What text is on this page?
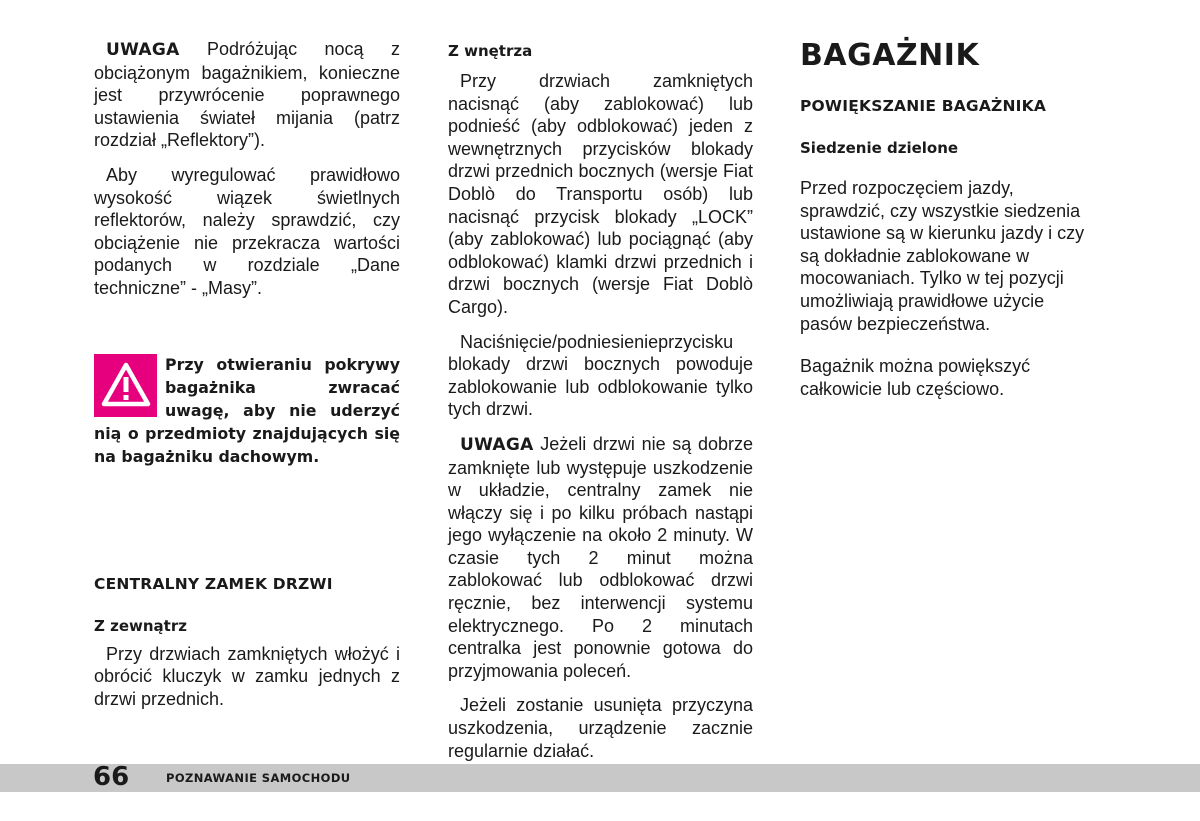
UWAGA Podróżując nocą z obciążonym bagażnikiem, konieczne jest przywrócenie poprawnego ustawienia świateł mijania (patrz rozdział „Reflektory”).

Aby wyregulować prawidłowo wysokość wiązek świetlnych reflektorów, należy sprawdzić, czy obciążenie nie przekracza wartości podanych w rozdziale „Dane techniczne” - „Masy”.

Przy otwieraniu pokrywy bagażnika zwracać uwagę, aby nie uderzyć nią o przedmioty znajdujących się na bagażniku dachowym.

CENTRALNY ZAMEK DRZWI

Z zewnątrz

Przy drzwiach zamkniętych włożyć i obrócić kluczyk w zamku jednych z drzwi przednich.

Z wnętrza

Przy drzwiach zamkniętych nacisnąć (aby zablokować) lub podnieść (aby odblokować) jeden z wewnętrznych przycisków blokady drzwi przednich bocznych (wersje Fiat Doblò do Transportu osób) lub nacisnąć przycisk blokady „LOCK” (aby zablokować) lub pociągnąć (aby odblokować) klamki drzwi przednich i drzwi bocznych (wersje Fiat Doblò Cargo).

Naciśnięcie/podniesienieprzycisku blokady drzwi bocznych powoduje zablokowanie lub odblokowanie tylko tych drzwi.

UWAGA Jeżeli drzwi nie są dobrze zamknięte lub występuje uszkodzenie w układzie, centralny zamek nie włączy się i po kilku próbach nastąpi jego wyłączenie na około 2 minuty. W czasie tych 2 minut można zablokować lub odblokować drzwi ręcznie, bez interwencji systemu elektrycznego. Po 2 minutach centralka jest ponownie gotowa do przyjmowania poleceń.

Jeżeli zostanie usunięta przyczyna uszkodzenia, urządzenie zacznie regularnie działać.

BAGAŻNIK

POWIĘKSZANIE BAGAŻNIKA

Siedzenie dzielone

Przed rozpoczęciem jazdy, sprawdzić, czy wszystkie siedzenia ustawione są w kierunku jazdy i czy są dokładnie zablokowane w mocowaniach. Tylko w tej pozycji umożliwiają prawidłowe użycie pasów bezpieczeństwa.

Bagażnik można powiększyć całkowicie lub częściowo.

66	POZNAWANIE SAMOCHODU
